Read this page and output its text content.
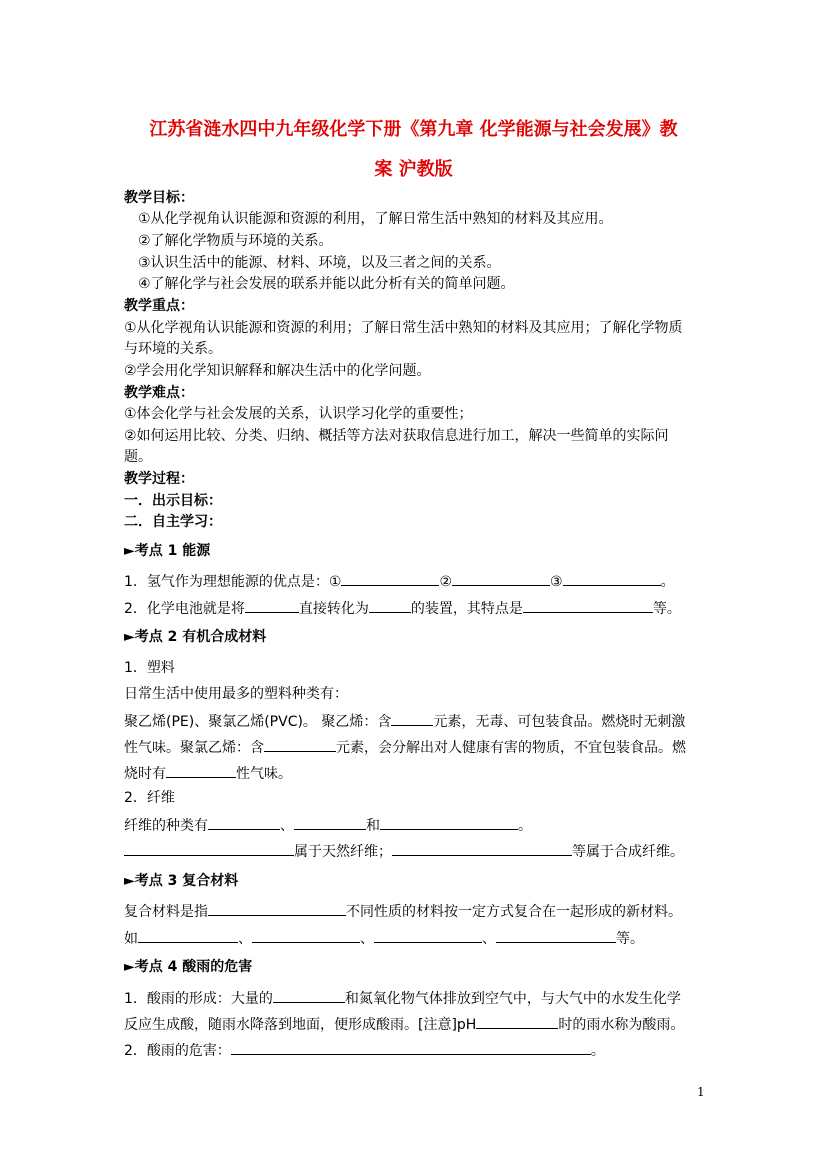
江苏省涟水四中九年级化学下册《第九章 化学能源与社会发展》教
案 沪教版
教学目标：
①从化学视角认识能源和资源的利用，了解日常生活中熟知的材料及其应用。
②了解化学物质与环境的关系。
③认识生活中的能源、材料、环境，以及三者之间的关系。
④了解化学与社会发展的联系并能以此分析有关的简单问题。
教学重点：
①从化学视角认识能源和资源的利用；了解日常生活中熟知的材料及其应用；了解化学物质
与环境的关系。
②学会用化学知识解释和解决生活中的化学问题。
教学难点：
①体会化学与社会发展的关系，认识学习化学的重要性；
②如何运用比较、分类、归纳、概括等方法对获取信息进行加工，解决一些简单的实际问
题。
教学过程：
一．出示目标：
二．自主学习：
►考点 1 能源
1．氢气作为理想能源的优点是：①	②	③	。
2．化学电池就是将	直接转化为	的装置，其特点是	等。
►考点 2 有机合成材料
1．塑料
日常生活中使用最多的塑料种类有：
聚乙烯(PE)、聚氯乙烯(PVC)。 聚乙烯：含	元素，无毒、可包装食品。燃烧时无刺激
性气味。聚氯乙烯：含	元素，会分解出对人健康有害的物质，不宜包装食品。燃
烧时有	性气味。
2．纤维
纤维的种类有	、	和	。
属于天然纤维；	等属于合成纤维。
►考点 3 复合材料
复合材料是指	不同性质的材料按一定方式复合在一起形成的新材料。
如	、	、	、	等。
►考点 4 酸雨的危害
1．酸雨的形成：大量的	和氮氧化物气体排放到空气中，与大气中的水发生化学
反应生成酸，随雨水降落到地面，便形成酸雨。[注意]pH	时的雨水称为酸雨。
2．酸雨的危害：	。
1
